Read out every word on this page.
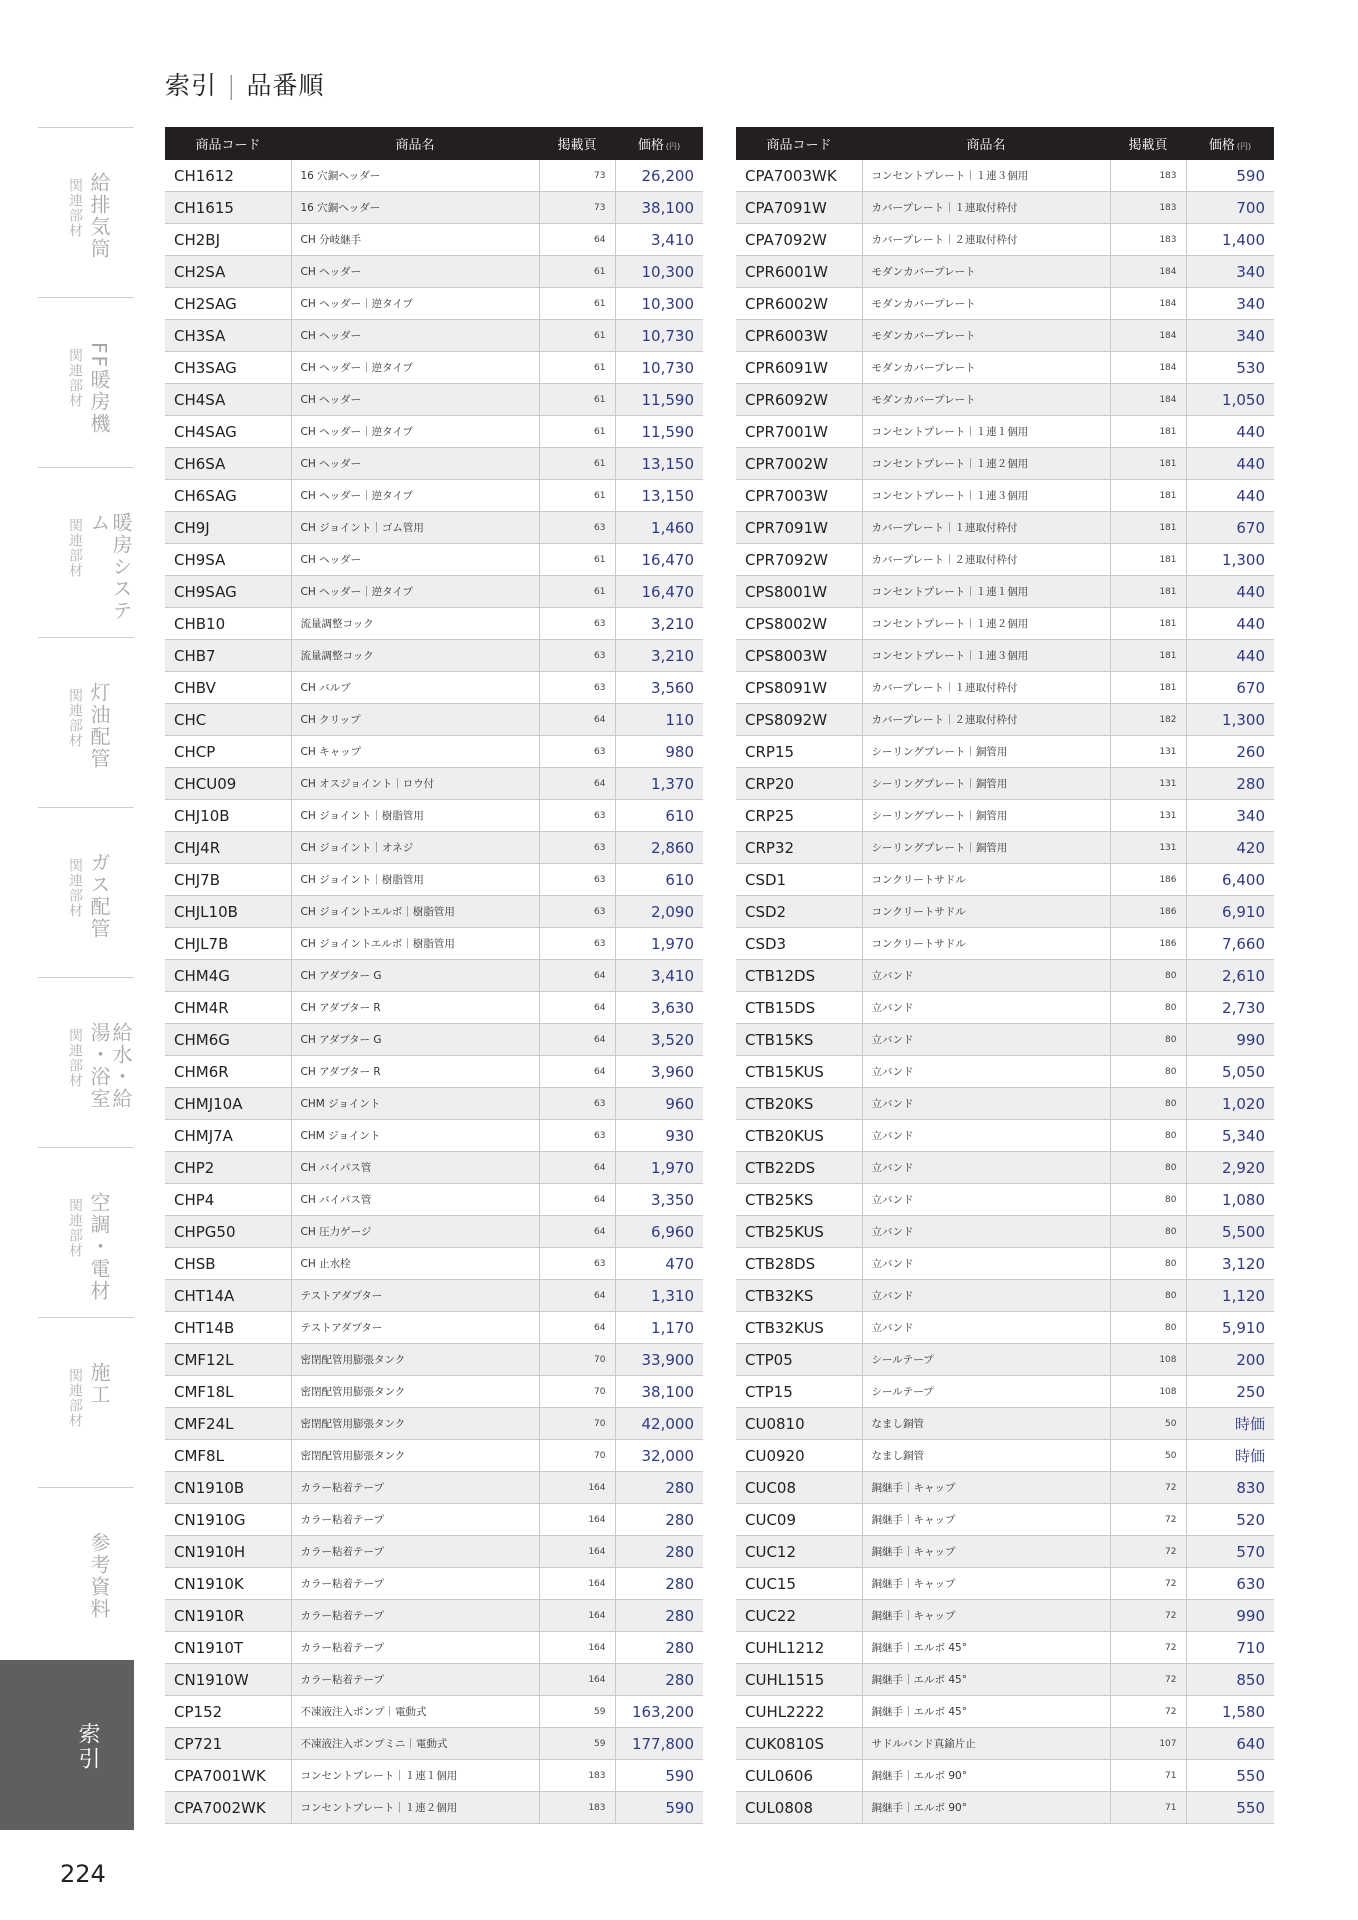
索引 | 品番順
給排気筒
関連部材
FF暖房機
関連部材
暖房システム
関連部材
灯油配管
関連部材
ガス配管
関連部材
給水・給湯・浴室
関連部材
空調・電材
関連部材
施工
関連部材
参考資料
索引
224
商品コード	商品名	掲載頁	価格 (円)
CH1612	16 穴銅ヘッダー	73	26,200
CH1615	16 穴銅ヘッダー	73	38,100
CH2BJ	CH 分岐継手	64	3,410
CH2SA	CH ヘッダー	61	10,300
CH2SAG	CH ヘッダー｜逆タイプ	61	10,300
CH3SA	CH ヘッダー	61	10,730
CH3SAG	CH ヘッダー｜逆タイプ	61	10,730
CH4SA	CH ヘッダー	61	11,590
CH4SAG	CH ヘッダー｜逆タイプ	61	11,590
CH6SA	CH ヘッダー	61	13,150
CH6SAG	CH ヘッダー｜逆タイプ	61	13,150
CH9J	CH ジョイント｜ゴム管用	63	1,460
CH9SA	CH ヘッダー	61	16,470
CH9SAG	CH ヘッダー｜逆タイプ	61	16,470
CHB10	流量調整コック	63	3,210
CHB7	流量調整コック	63	3,210
CHBV	CH バルブ	63	3,560
CHC	CH クリップ	64	110
CHCP	CH キャップ	63	980
CHCU09	CH オスジョイント｜ロウ付	64	1,370
CHJ10B	CH ジョイント｜樹脂管用	63	610
CHJ4R	CH ジョイント｜オネジ	63	2,860
CHJ7B	CH ジョイント｜樹脂管用	63	610
CHJL10B	CH ジョイントエルボ｜樹脂管用	63	2,090
CHJL7B	CH ジョイントエルボ｜樹脂管用	63	1,970
CHM4G	CH アダプター G	64	3,410
CHM4R	CH アダプター R	64	3,630
CHM6G	CH アダプター G	64	3,520
CHM6R	CH アダプター R	64	3,960
CHMJ10A	CHM ジョイント	63	960
CHMJ7A	CHM ジョイント	63	930
CHP2	CH バイパス管	64	1,970
CHP4	CH バイパス管	64	3,350
CHPG50	CH 圧力ゲージ	64	6,960
CHSB	CH 止水栓	63	470
CHT14A	テストアダプター	64	1,310
CHT14B	テストアダプター	64	1,170
CMF12L	密閉配管用膨張タンク	70	33,900
CMF18L	密閉配管用膨張タンク	70	38,100
CMF24L	密閉配管用膨張タンク	70	42,000
CMF8L	密閉配管用膨張タンク	70	32,000
CN1910B	カラー粘着テープ	164	280
CN1910G	カラー粘着テープ	164	280
CN1910H	カラー粘着テープ	164	280
CN1910K	カラー粘着テープ	164	280
CN1910R	カラー粘着テープ	164	280
CN1910T	カラー粘着テープ	164	280
CN1910W	カラー粘着テープ	164	280
CP152	不凍液注入ポンプ｜電動式	59	163,200
CP721	不凍液注入ポンプミニ｜電動式	59	177,800
CPA7001WK	コンセントプレート｜１連１個用	183	590
CPA7002WK	コンセントプレート｜１連２個用	183	590
商品コード	商品名	掲載頁	価格 (円)
CPA7003WK	コンセントプレート｜１連３個用	183	590
CPA7091W	カバープレート｜１連取付枠付	183	700
CPA7092W	カバープレート｜２連取付枠付	183	1,400
CPR6001W	モダンカバープレート	184	340
CPR6002W	モダンカバープレート	184	340
CPR6003W	モダンカバープレート	184	340
CPR6091W	モダンカバープレート	184	530
CPR6092W	モダンカバープレート	184	1,050
CPR7001W	コンセントプレート｜１連１個用	181	440
CPR7002W	コンセントプレート｜１連２個用	181	440
CPR7003W	コンセントプレート｜１連３個用	181	440
CPR7091W	カバープレート｜１連取付枠付	181	670
CPR7092W	カバープレート｜２連取付枠付	181	1,300
CPS8001W	コンセントプレート｜１連１個用	181	440
CPS8002W	コンセントプレート｜１連２個用	181	440
CPS8003W	コンセントプレート｜１連３個用	181	440
CPS8091W	カバープレート｜１連取付枠付	181	670
CPS8092W	カバープレート｜２連取付枠付	182	1,300
CRP15	シーリングプレート｜銅管用	131	260
CRP20	シーリングプレート｜銅管用	131	280
CRP25	シーリングプレート｜銅管用	131	340
CRP32	シーリングプレート｜銅管用	131	420
CSD1	コンクリートサドル	186	6,400
CSD2	コンクリートサドル	186	6,910
CSD3	コンクリートサドル	186	7,660
CTB12DS	立バンド	80	2,610
CTB15DS	立バンド	80	2,730
CTB15KS	立バンド	80	990
CTB15KUS	立バンド	80	5,050
CTB20KS	立バンド	80	1,020
CTB20KUS	立バンド	80	5,340
CTB22DS	立バンド	80	2,920
CTB25KS	立バンド	80	1,080
CTB25KUS	立バンド	80	5,500
CTB28DS	立バンド	80	3,120
CTB32KS	立バンド	80	1,120
CTB32KUS	立バンド	80	5,910
CTP05	シールテープ	108	200
CTP15	シールテープ	108	250
CU0810	なまし銅管	50	時価
CU0920	なまし銅管	50	時価
CUC08	銅継手｜キャップ	72	830
CUC09	銅継手｜キャップ	72	520
CUC12	銅継手｜キャップ	72	570
CUC15	銅継手｜キャップ	72	630
CUC22	銅継手｜キャップ	72	990
CUHL1212	銅継手｜エルボ 45°	72	710
CUHL1515	銅継手｜エルボ 45°	72	850
CUHL2222	銅継手｜エルボ 45°	72	1,580
CUK0810S	サドルバンド真鍮片止	107	640
CUL0606	銅継手｜エルボ 90°	71	550
CUL0808	銅継手｜エルボ 90°	71	550
